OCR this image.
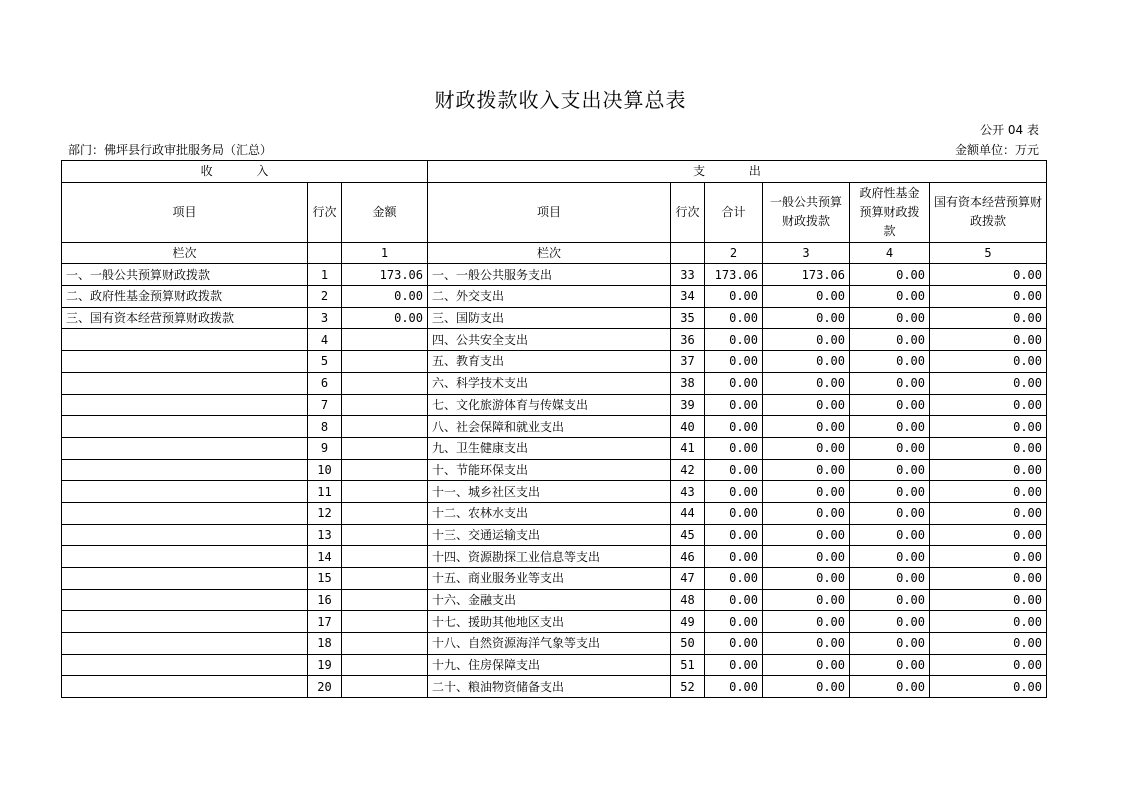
财政拨款收入支出决算总表
公开 04 表
部门：佛坪县行政审批服务局（汇总）	金额单位：万元
收 入			支 出					
项目	行次	金额	项目	行次	合计	一般公共预算财政拨款	政府性基金预算财政拨款	国有资本经营预算财政拨款
栏次		1	栏次		2	3	4	5
一、一般公共预算财政拨款	1	173.06	一、一般公共服务支出	33	173.06	173.06	0.00	0.00
二、政府性基金预算财政拨款	2	0.00	二、外交支出	34	0.00	0.00	0.00	0.00
三、国有资本经营预算财政拨款	3	0.00	三、国防支出	35	0.00	0.00	0.00	0.00
	4		四、公共安全支出	36	0.00	0.00	0.00	0.00
	5		五、教育支出	37	0.00	0.00	0.00	0.00
	6		六、科学技术支出	38	0.00	0.00	0.00	0.00
	7		七、文化旅游体育与传媒支出	39	0.00	0.00	0.00	0.00
	8		八、社会保障和就业支出	40	0.00	0.00	0.00	0.00
	9		九、卫生健康支出	41	0.00	0.00	0.00	0.00
	10		十、节能环保支出	42	0.00	0.00	0.00	0.00
	11		十一、城乡社区支出	43	0.00	0.00	0.00	0.00
	12		十二、农林水支出	44	0.00	0.00	0.00	0.00
	13		十三、交通运输支出	45	0.00	0.00	0.00	0.00
	14		十四、资源勘探工业信息等支出	46	0.00	0.00	0.00	0.00
	15		十五、商业服务业等支出	47	0.00	0.00	0.00	0.00
	16		十六、金融支出	48	0.00	0.00	0.00	0.00
	17		十七、援助其他地区支出	49	0.00	0.00	0.00	0.00
	18		十八、自然资源海洋气象等支出	50	0.00	0.00	0.00	0.00
	19		十九、住房保障支出	51	0.00	0.00	0.00	0.00
	20		二十、粮油物资储备支出	52	0.00	0.00	0.00	0.00
